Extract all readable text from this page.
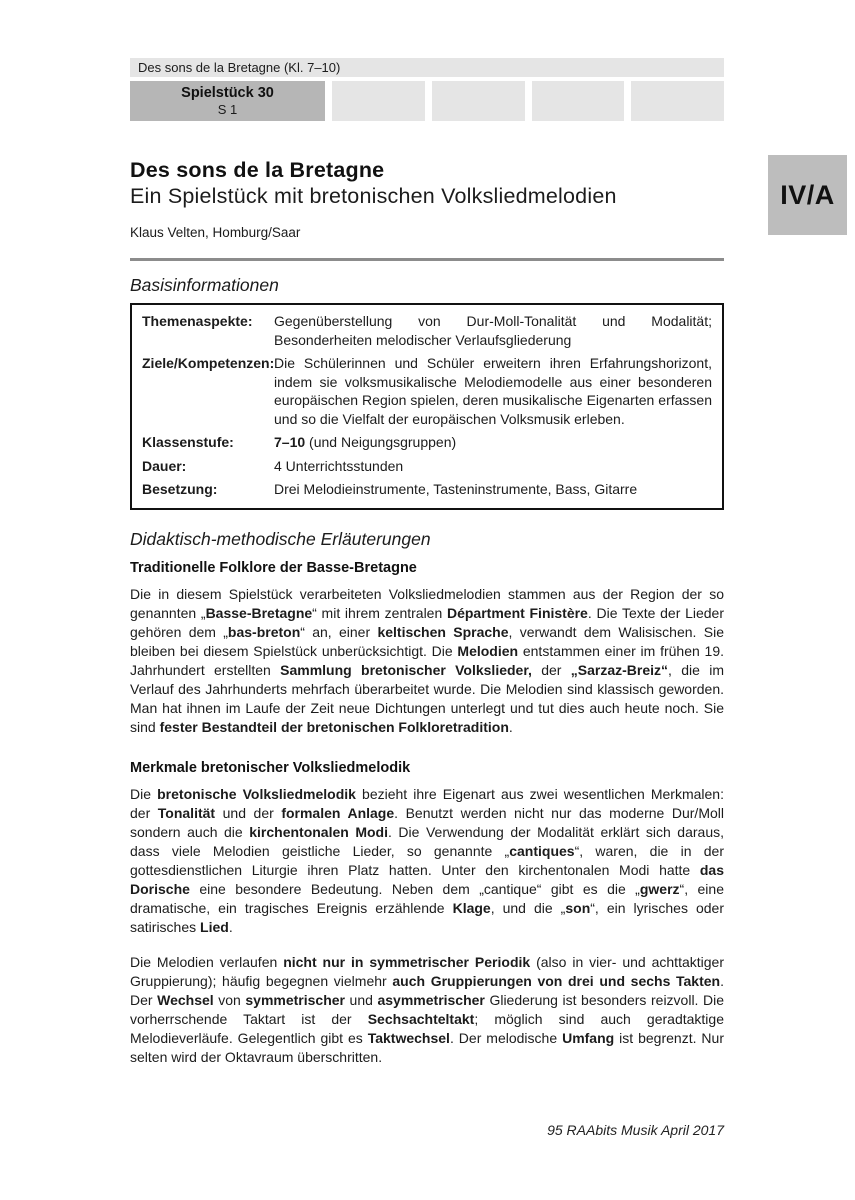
Des sons de la Bretagne (Kl. 7–10)
Spielstück 30
S 1
Des sons de la Bretagne
Ein Spielstück mit bretonischen Volksliedmelodien
Klaus Velten, Homburg/Saar
Basisinformationen
Themenaspekte:	Gegenüberstellung von Dur-Moll-Tonalität und Modalität; Besonderheiten melodischer Verlaufsgliederung
Ziele/Kompetenzen: Die Schülerinnen und Schüler erweitern ihren Erfahrungshorizont, indem sie volksmusikalische Melodiemodelle aus einer besonderen europäischen Region spielen, deren musikalische Eigenarten erfassen und so die Vielfalt der europäischen Volksmusik erleben.
Klassenstufe:	7–10 (und Neigungsgruppen)
Dauer:	4 Unterrichtsstunden
Besetzung:	Drei Melodieinstrumente, Tasteninstrumente, Bass, Gitarre
Didaktisch-methodische Erläuterungen
Traditionelle Folklore der Basse-Bretagne

Die in diesem Spielstück verarbeiteten Volksliedmelodien stammen aus der Region der so genannten „Basse-Bretagne“ mit ihrem zentralen Départment Finistère. Die Texte der Lieder gehören dem „bas-breton“ an, einer keltischen Sprache, verwandt dem Walisischen. Sie bleiben bei diesem Spielstück unberücksichtigt. Die Melodien entstammen einer im frühen 19. Jahrhundert erstellten Sammlung bretonischer Volkslieder, der „Sarzaz-Breiz“, die im Verlauf des Jahrhunderts mehrfach überarbeitet wurde. Die Melodien sind klassisch geworden. Man hat ihnen im Laufe der Zeit neue Dichtungen unterlegt und tut dies auch heute noch. Sie sind fester Bestandteil der bretonischen Folkloretradition.

Merkmale bretonischer Volksliedmelodik

Die bretonische Volksliedmelodik bezieht ihre Eigenart aus zwei wesentlichen Merkmalen: der Tonalität und der formalen Anlage. Benutzt werden nicht nur das moderne Dur/Moll sondern auch die kirchentonalen Modi. Die Verwendung der Modalität erklärt sich daraus, dass viele Melodien geistliche Lieder, so genannte „cantiques“, waren, die in der gottesdienstlichen Liturgie ihren Platz hatten. Unter den kirchentonalen Modi hatte das Dorische eine besondere Bedeutung. Neben dem „cantique“ gibt es die „gwerz“, eine dramatische, ein tragisches Ereignis erzählende Klage, und die „son“, ein lyrisches oder satirisches Lied.

Die Melodien verlaufen nicht nur in symmetrischer Periodik (also in vier- und achttaktiger Gruppierung); häufig begegnen vielmehr auch Gruppierungen von drei und sechs Takten. Der Wechsel von symmetrischer und asymmetrischer Gliederung ist besonders reizvoll. Die vorherrschende Taktart ist der Sechsachteltakt; möglich sind auch geradtaktige Melodieverläufe. Gelegentlich gibt es Taktwechsel. Der melodische Umfang ist begrenzt. Nur selten wird der Oktavraum überschritten.

IV/A
95 RAAbits Musik April 2017
